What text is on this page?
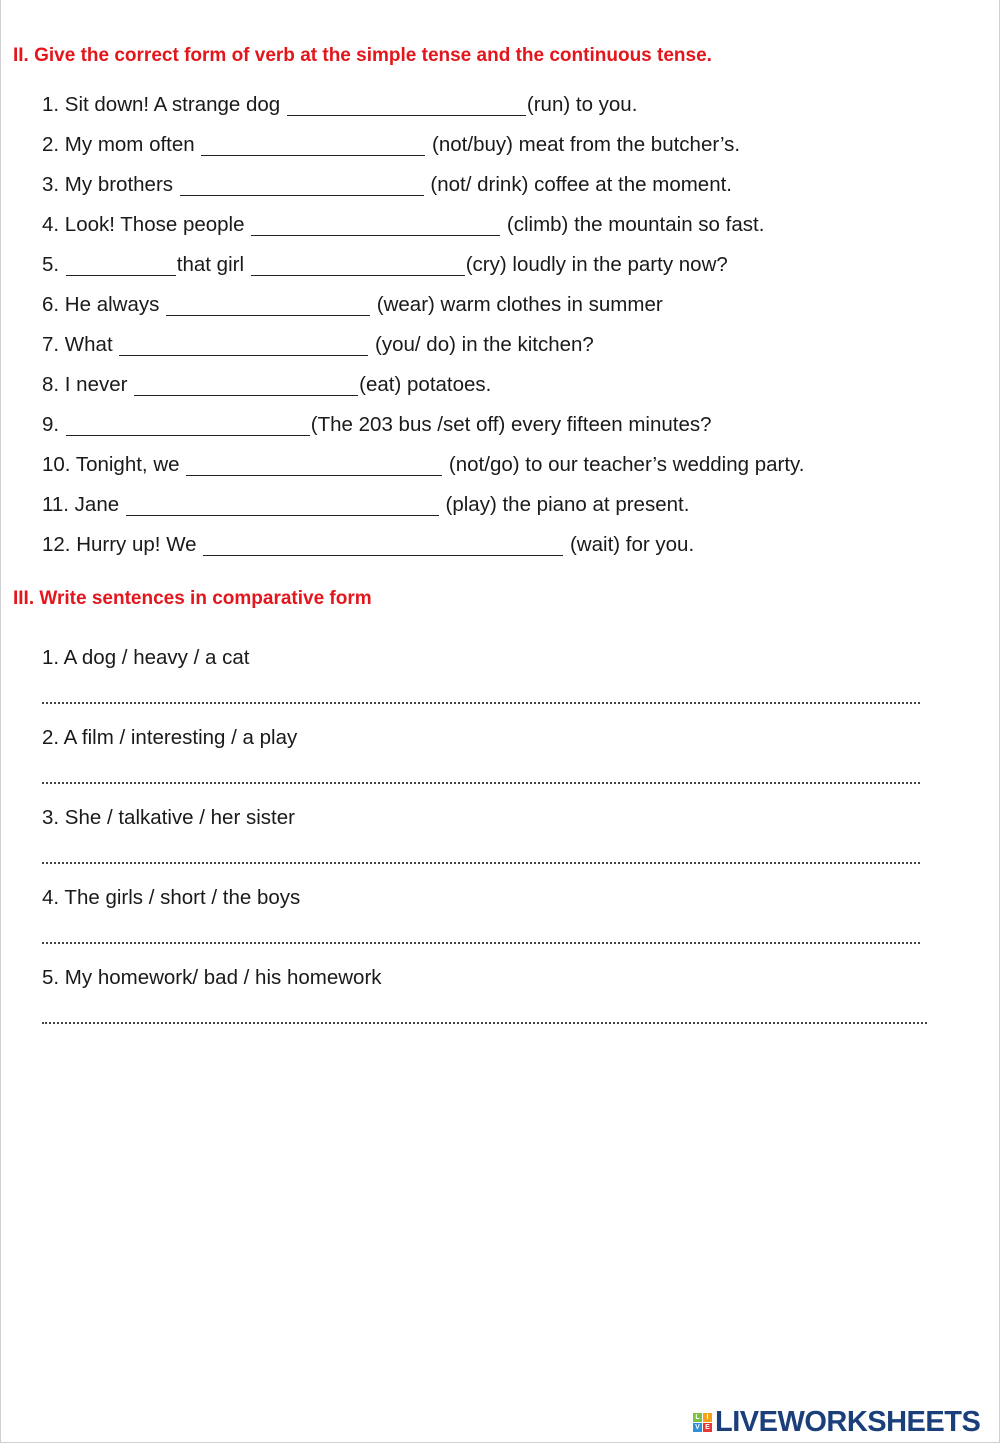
II. Give the correct form of verb at the simple tense and the continuous tense.
1. Sit down! A strange dog	(run) to you.
2. My mom often	(not/buy) meat from the butcher’s.
3. My brothers	(not/ drink) coffee at the moment.
4. Look! Those people	(climb) the mountain so fast.
5.	that girl	(cry) loudly in the party now?
6. He always	(wear) warm clothes in summer
7. What	(you/ do) in the kitchen?
8. I never	(eat) potatoes.
9.	(The 203 bus /set off) every fifteen minutes?
10. Tonight, we	(not/go) to our teacher’s wedding party.
11. Jane	(play) the piano at present.
12. Hurry up! We	(wait) for you.
III. Write sentences in comparative form
1. A dog / heavy / a cat
2. A film / interesting / a play
3. She / talkative / her sister
4. The girls / short / the boys
5. My homework/ bad / his homework
L I
V E LIVEWORKSHEETS
